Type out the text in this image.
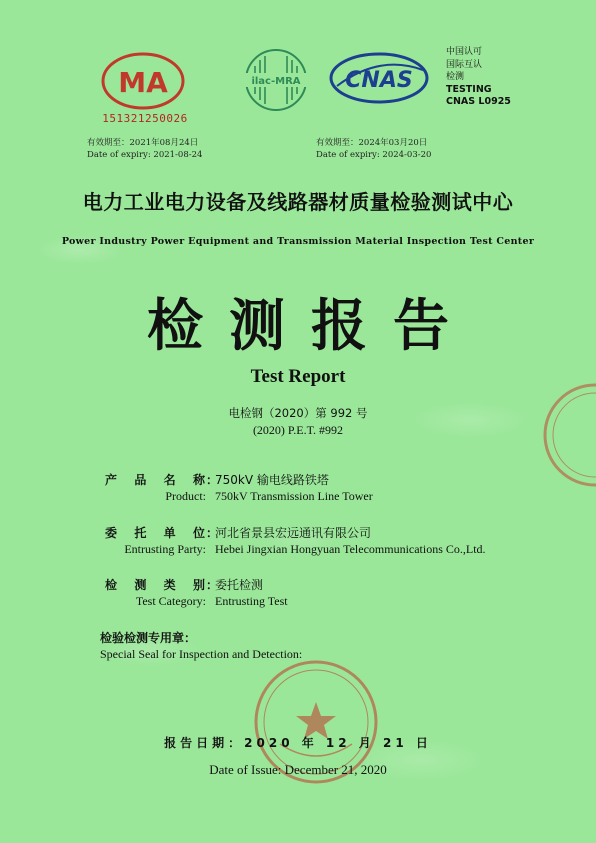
MA
151321250026
ilac-MRA CNAS
中国认可
国际互认
检测
TESTING
CNAS L0925
有效期至：2021年08月24日
Date of expiry: 2021-08-24
有效期至：2024年03月20日
Date of expiry: 2024-03-20
电力工业电力设备及线路器材质量检验测试中心
Power Industry Power Equipment and Transmission Material Inspection Test Center
检测报告
Test Report
电检钢（2020）第 992 号
(2020) P.E.T. #992
产品名称 ：
750kV 输电线路铁塔
Product: 750kV Transmission Line Tower
委托单位 ：
河北省景县宏远通讯有限公司
Entrusting Party: Hebei Jingxian Hongyuan Telecommunications Co.,Ltd.
检测类别 ：
委托检测
Test Category: Entrusting Test
检验检测专用章：
Special Seal for Inspection and Detection:
报告日期：2020 年 12 月 21 日
Date of Issue: December 21, 2020
